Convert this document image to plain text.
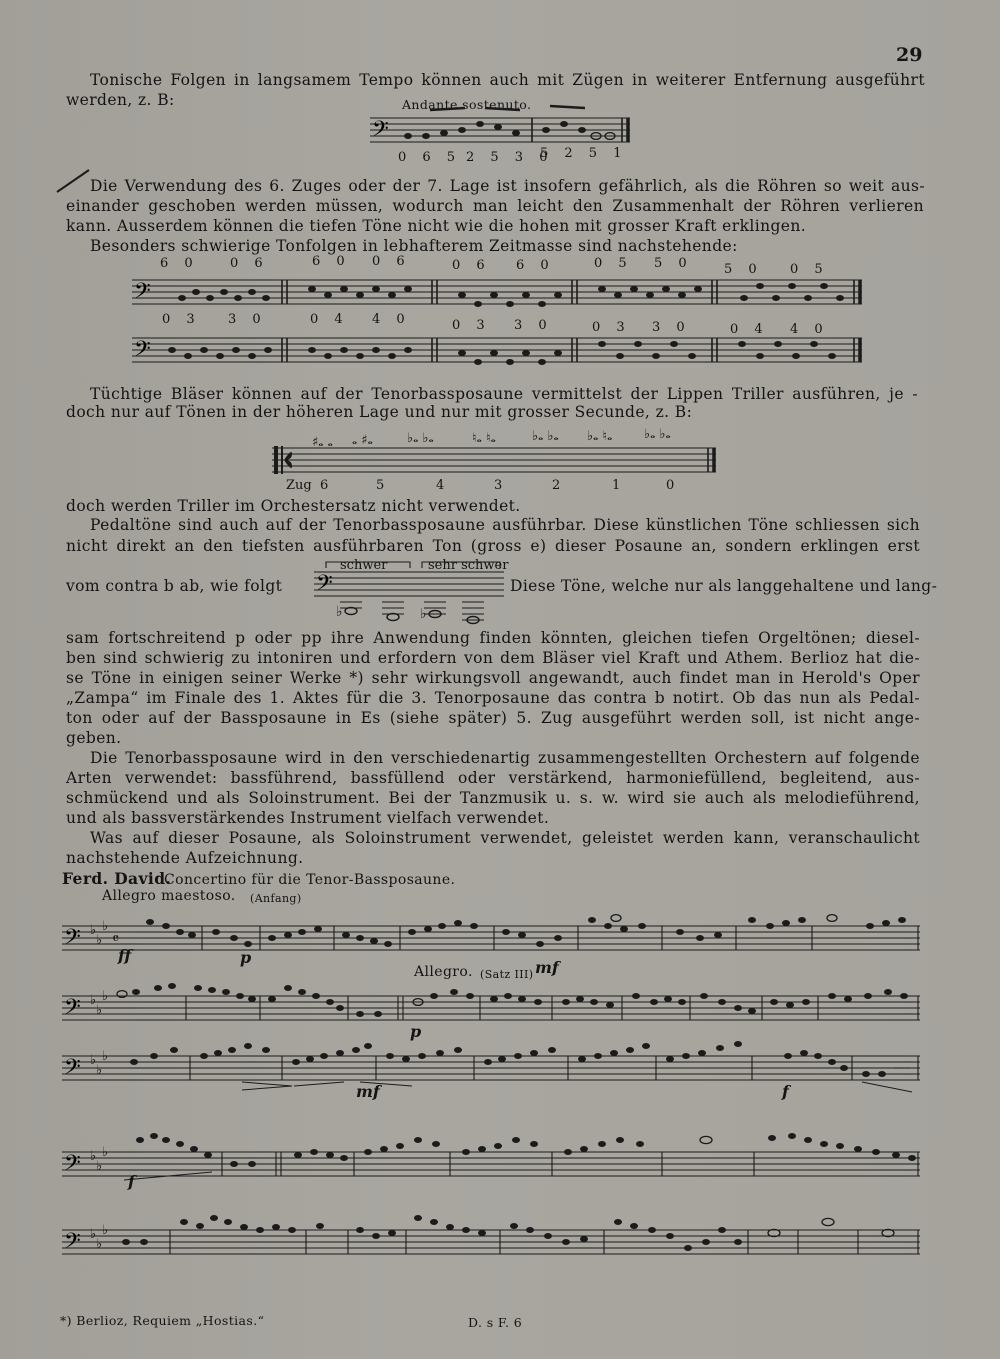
29
Tonische Folgen in langsamem Tempo können auch mit Zügen in weiterer Entfernung ausgeführt
werden, z. B:	Andante sostenuto.
𝄢
0 6 5 2 5 3 0
5 2 5 1
Die Verwendung des 6. Zuges oder der 7. Lage ist insofern gefährlich, als die Röhren so weit aus-
einander geschoben werden müssen, wodurch man leicht den Zusammenhalt der Röhren verlieren
kann. Ausserdem können die tiefen Töne nicht wie die hohen mit grosser Kraft erklingen.
Besonders schwierige Tonfolgen in lebhafterem Zeitmasse sind nachstehende:
6 0 0 6	6 0 0 6	0 6 6 0	0 5 5 0 5 0 0 5
𝄢
0 3 3 0	0 4 4 0	0 3 3 0	0 3 3 0	0 4 4 0
𝄢
Tüchtige Bläser können auf der Tenorbassposaune vermittelst der Lippen Triller ausführen, je -
doch nur auf Tönen in der höheren Lage und nur mit grosser Secunde, z. B:
♯𝅝 𝅝 𝅝 ♯𝅝	♭𝅝 ♭𝅝	♮𝅝 ♮𝅝	♭𝅝 ♭𝅝 ♭𝅝 ♮𝅝 ♭𝅝 ♭𝅝
Zug 6	5	4	3	2	1	0
doch werden Triller im Orchestersatz nicht verwendet.
Pedaltöne sind auch auf der Tenorbassposaune ausführbar. Diese künstlichen Töne schliessen sich
nicht direkt an den tiefsten ausführbaren Ton (gross e) dieser Posaune an, sondern erklingen erst
vom contra b ab, wie folgt
schwer	sehr schwer
𝄢
♭	♭
Diese Töne, welche nur als langgehaltene und lang-
sam fortschreitend p oder pp ihre Anwendung finden könnten, gleichen tiefen Orgeltönen; diesel-
ben sind schwierig zu intoniren und erfordern von dem Bläser viel Kraft und Athem. Berlioz hat die-
se Töne in einigen seiner Werke *) sehr wirkungsvoll angewandt, auch findet man in Herold's Oper
„Zampa“ im Finale des 1. Aktes für die 3. Tenorposaune das contra b notirt. Ob das nun als Pedal-
ton oder auf der Bassposaune in Es (siehe später) 5. Zug ausgeführt werden soll, ist nicht ange-
geben.
Die Tenorbassposaune wird in den verschiedenartig zusammengestellten Orchestern auf folgende
Arten verwendet: bassführend, bassfüllend oder verstärkend, harmoniefüllend, begleitend, aus-
schmückend und als Soloinstrument. Bei der Tanzmusik u. s. w. wird sie auch als melodieführend,
und als bassverstärkendes Instrument vielfach verwendet.
Was auf dieser Posaune, als Soloinstrument verwendet, geleistet werden kann, veranschaulicht
nachstehende Aufzeichnung.
Ferd. David.
Concertino für die Tenor-Bassposaune.
Allegro maestoso. (Anfang)
𝄢 ♭
♭
♭
𝄴
ff	p
mf
Allegro. (Satz III)
𝄢 ♭
♭
♭
p
𝄢 ♭
♭
♭
mf	f
𝄢 ♭
♭
♭
f
𝄢 ♭
♭
♭
*) Berlioz, Requiem „Hostias.“	D. s F. 6
